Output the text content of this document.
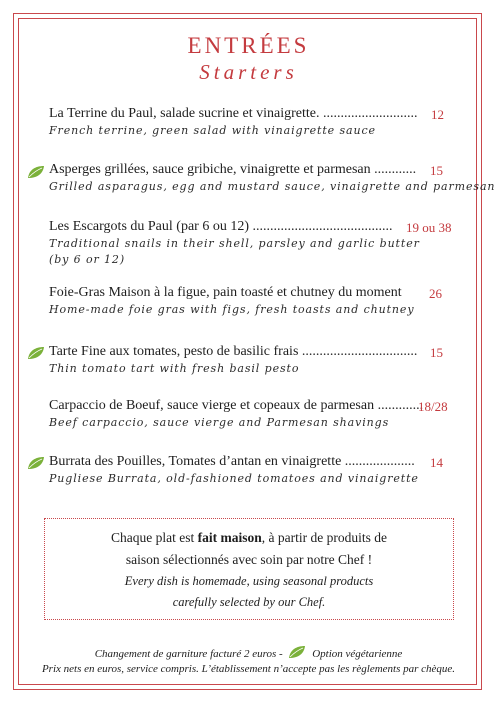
ENTRÉES
Starters
La Terrine du Paul, salade sucrine et vinaigrette. ...........................
French terrine, green salad with vinaigrette sauce
12
Asperges grillées, sauce gribiche, vinaigrette et parmesan ............
Grilled asparagus, egg and mustard sauce, vinaigrette and parmesan
15
Les Escargots du Paul (par 6 ou 12) ........................................
Traditional snails in their shell, parsley and garlic butter
(by 6 or 12)
19 ou 38
Foie-Gras Maison à la figue, pain toasté et chutney du moment
Home-made foie gras with figs, fresh toasts and chutney
26
Tarte Fine aux tomates, pesto de basilic frais .................................
Thin tomato tart with fresh basil pesto
15
Carpaccio de Boeuf, sauce vierge et copeaux de parmesan .............
Beef carpaccio, sauce vierge and Parmesan shavings
18/28
Burrata des Pouilles, Tomates d’antan en vinaigrette ....................
Pugliese Burrata, old-fashioned tomatoes and vinaigrette
14
Chaque plat est fait maison, à partir de produits de
saison sélectionnés avec soin par notre Chef !
Every dish is homemade, using seasonal products
carefully selected by our Chef.
Changement de garniture facturé 2 euros -	Option végétarienne
Prix nets en euros, service compris. L’établissement n’accepte pas les règlements par chèque.
